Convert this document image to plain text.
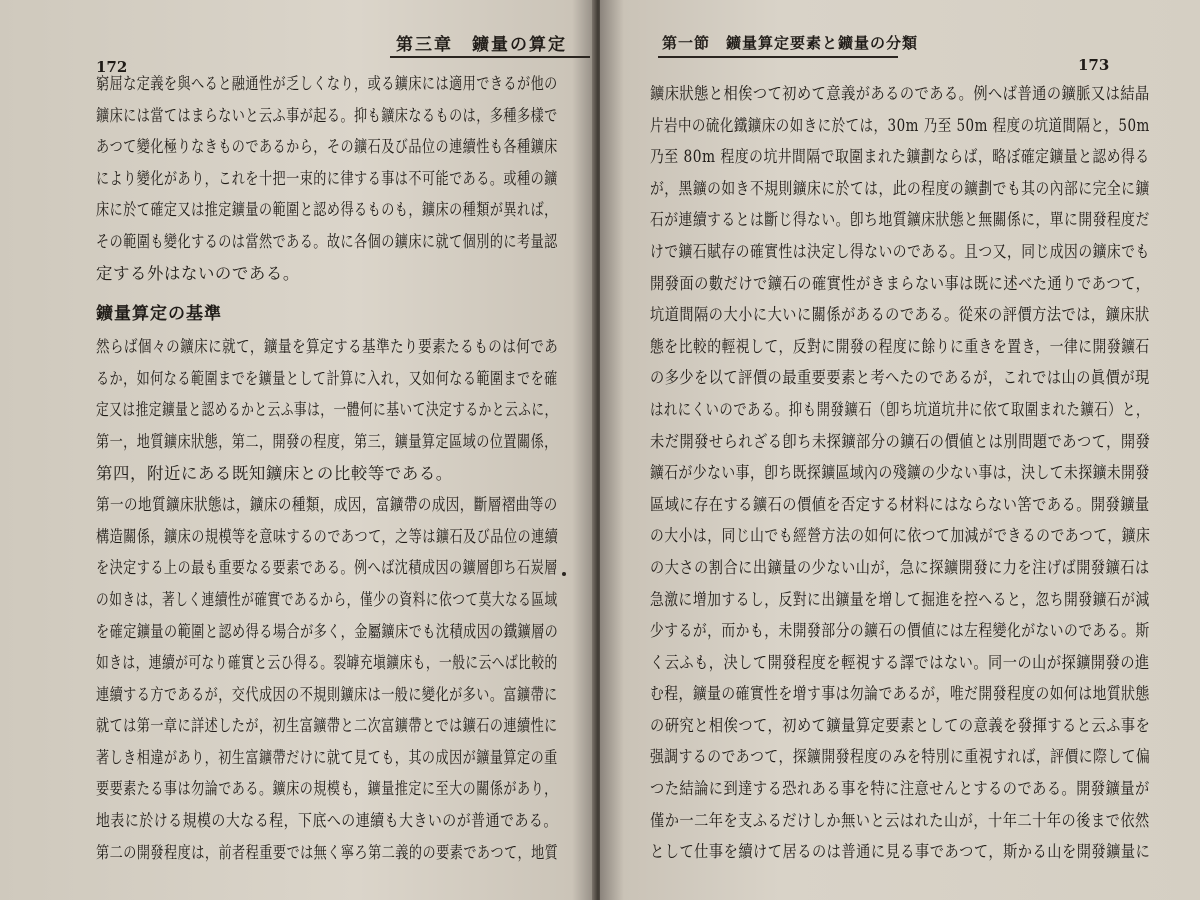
第三章　鑛量の算定
172
窮屈な定義を與へると融通性が乏しくなり，或る鑛床には適用できるが他の
鑛床には當てはまらないと云ふ事が起る。抑も鑛床なるものは，多種多樣で
あつて變化極りなきものであるから，その鑛石及び品位の連續性も各種鑛床
により變化があり，これを十把一束的に律する事は不可能である。或種の鑛
床に於て確定又は推定鑛量の範圍と認め得るものも，鑛床の種類が異れば，
その範圍も變化するのは當然である。故に各個の鑛床に就て個別的に考量認
定する外はないのである。
鑛量算定の基準
然らば個々の鑛床に就て，鑛量を算定する基準たり要素たるものは何であ
るか，如何なる範圍までを鑛量として計算に入れ，又如何なる範圍までを確
定又は推定鑛量と認めるかと云ふ事は，一體何に基いて決定するかと云ふに，
第一，地質鑛床狀態，第二，開發の程度，第三，鑛量算定區域の位置關係，
第四，附近にある既知鑛床との比較等である。
第一の地質鑛床狀態は，鑛床の種類，成因，富鑛帶の成因，斷層褶曲等の
構造關係，鑛床の規模等を意味するのであつて，之等は鑛石及び品位の連續
を決定する上の最も重要なる要素である。例へば沈積成因の鑛層卽ち石炭層
の如きは，著しく連續性が確實であるから，僅少の資料に依つて莫大なる區域
を確定鑛量の範圍と認め得る場合が多く，金屬鑛床でも沈積成因の鐵鑛層の
如きは，連續が可なり確實と云ひ得る。裂罅充塡鑛床も，一般に云へば比較的
連續する方であるが，交代成因の不規則鑛床は一般に變化が多い。富鑛帶に
就ては第一章に詳述したが，初生富鑛帶と二次富鑛帶とでは鑛石の連續性に
著しき相違があり，初生富鑛帶だけに就て見ても，其の成因が鑛量算定の重
要要素たる事は勿論である。鑛床の規模も，鑛量推定に至大の關係があり，
地表に於ける規模の大なる程，下底への連續も大きいのが普通である。
第二の開發程度は，前者程重要では無く寧ろ第二義的の要素であつて，地質
第一節　鑛量算定要素と鑛量の分類
173
鑛床狀態と相俟つて初めて意義があるのである。例へば普通の鑛脈又は結晶
片岩中の硫化鐵鑛床の如きに於ては，30m 乃至 50m 程度の坑道間隔と，50m
乃至 80m 程度の坑井間隔で取圍まれた鑛劃ならば，略ぼ確定鑛量と認め得る
が，黑鑛の如き不規則鑛床に於ては，此の程度の鑛劃でも其の內部に完全に鑛
石が連續するとは斷じ得ない。卽ち地質鑛床狀態と無關係に，單に開發程度だ
けで鑛石賦存の確實性は決定し得ないのである。且つ又，同じ成因の鑛床でも
開發面の數だけで鑛石の確實性がきまらない事は既に述べた通りであつて，
坑道間隔の大小に大いに關係があるのである。從來の評價方法では，鑛床狀
態を比較的輕視して，反對に開發の程度に餘りに重きを置き，一律に開發鑛石
の多少を以て評價の最重要要素と考へたのであるが，これでは山の眞價が現
はれにくいのである。抑も開發鑛石（卽ち坑道坑井に依て取圍まれた鑛石）と，
未だ開發せられざる卽ち未探鑛部分の鑛石の價値とは別問題であつて，開發
鑛石が少ない事，卽ち既探鑛區域內の殘鑛の少ない事は，決して未探鑛未開發
區域に存在する鑛石の價値を否定する材料にはならない筈である。開發鑛量
の大小は，同じ山でも經營方法の如何に依つて加減ができるのであつて，鑛床
の大さの割合に出鑛量の少ない山が，急に探鑛開發に力を注げば開發鑛石は
急激に增加するし，反對に出鑛量を增して掘進を控へると，忽ち開發鑛石が減
少するが，而かも，未開發部分の鑛石の價値には左程變化がないのである。斯
く云ふも，決して開發程度を輕視する譯ではない。同一の山が探鑛開發の進
む程，鑛量の確實性を增す事は勿論であるが，唯だ開發程度の如何は地質狀態
の硏究と相俟つて，初めて鑛量算定要素としての意義を發揮すると云ふ事を
强調するのであつて，探鑛開發程度のみを特別に重視すれば，評價に際して偏
つた結論に到達する恐れある事を特に注意せんとするのである。開發鑛量が
僅か一二年を支ふるだけしか無いと云はれた山が，十年二十年の後まで依然
として仕事を續けて居るのは普通に見る事であつて，斯かる山を開發鑛量に
